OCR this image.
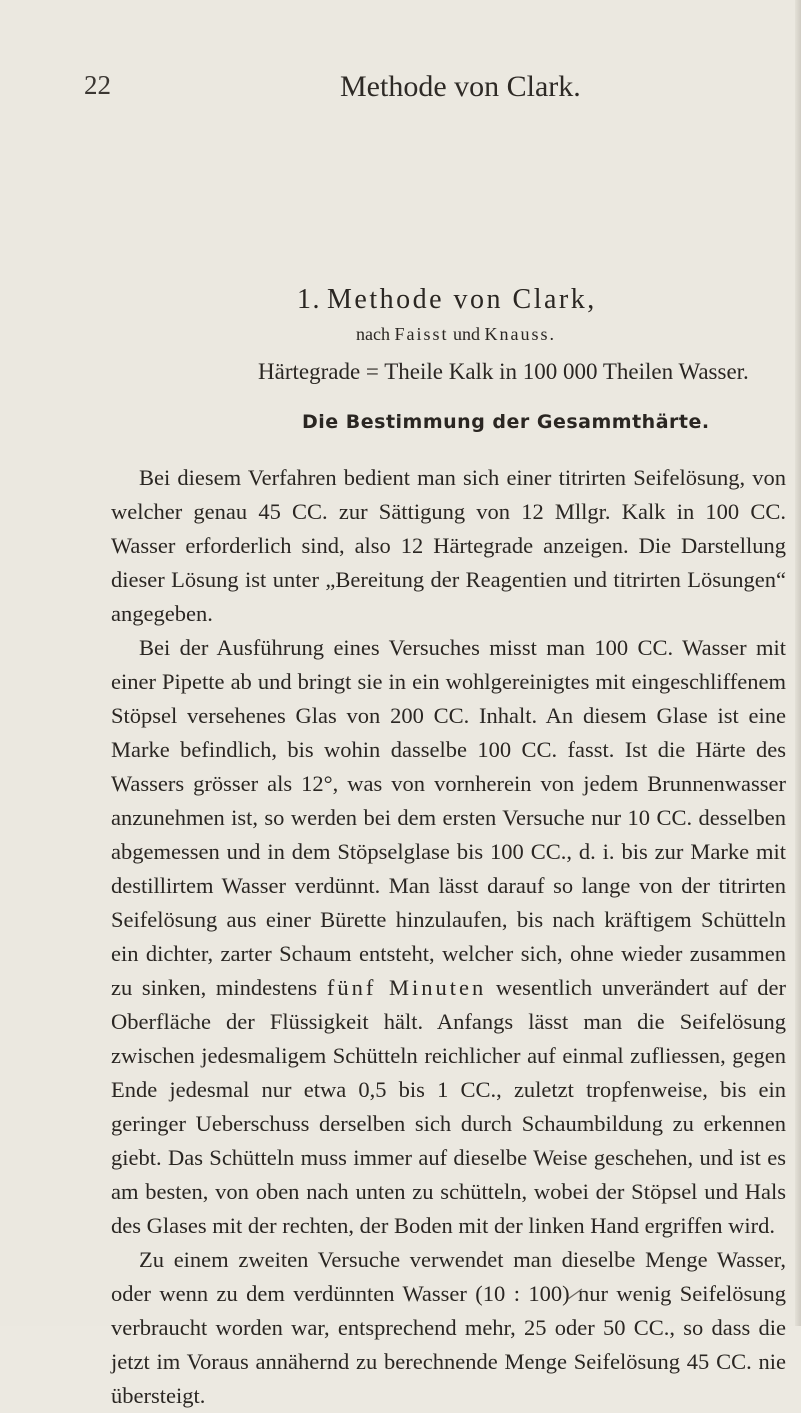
22	Methode von Clark.
1. Methode von Clark,
nach Faisst und Knauss.
Härtegrade = Theile Kalk in 100 000 Theilen Wasser.
Die Bestimmung der Gesammthärte.

Bei diesem Verfahren bedient man sich einer titrirten Seifelösung, von welcher genau 45 CC. zur Sättigung von 12 Mllgr. Kalk in 100 CC. Wasser erforderlich sind, also 12 Härtegrade anzeigen. Die Darstellung dieser Lösung ist unter „Bereitung der Reagentien und titrirten Lösungen“ angegeben.

Bei der Ausführung eines Versuches misst man 100 CC. Wasser mit einer Pipette ab und bringt sie in ein wohlgereinigtes mit eingeschliffenem Stöpsel versehenes Glas von 200 CC. Inhalt. An diesem Glase ist eine Marke befindlich, bis wohin dasselbe 100 CC. fasst. Ist die Härte des Wassers grösser als 12°, was von vornherein von jedem Brunnenwasser anzunehmen ist, so werden bei dem ersten Versuche nur 10 CC. desselben abgemessen und in dem Stöpselglase bis 100 CC., d. i. bis zur Marke mit destillirtem Wasser verdünnt. Man lässt darauf so lange von der titrirten Seifelösung aus einer Bürette hinzulaufen, bis nach kräftigem Schütteln ein dichter, zarter Schaum entsteht, welcher sich, ohne wieder zusammen zu sinken, mindestens fünf Minuten wesentlich unverändert auf der Oberfläche der Flüssigkeit hält. Anfangs lässt man die Seifelösung zwischen jedesmaligem Schütteln reichlicher auf einmal zufliessen, gegen Ende jedesmal nur etwa 0,5 bis 1 CC., zuletzt tropfenweise, bis ein geringer Ueberschuss derselben sich durch Schaumbildung zu erkennen giebt. Das Schütteln muss immer auf dieselbe Weise geschehen, und ist es am besten, von oben nach unten zu schütteln, wobei der Stöpsel und Hals des Glases mit der rechten, der Boden mit der linken Hand ergriffen wird.

Zu einem zweiten Versuche verwendet man dieselbe Menge Wasser, oder wenn zu dem verdünnten Wasser (10 : 100) nur wenig Seifelösung verbraucht worden war, entsprechend mehr, 25 oder 50 CC., so dass die jetzt im Voraus annähernd zu berechnende Menge Seifelösung 45 CC. nie übersteigt.
